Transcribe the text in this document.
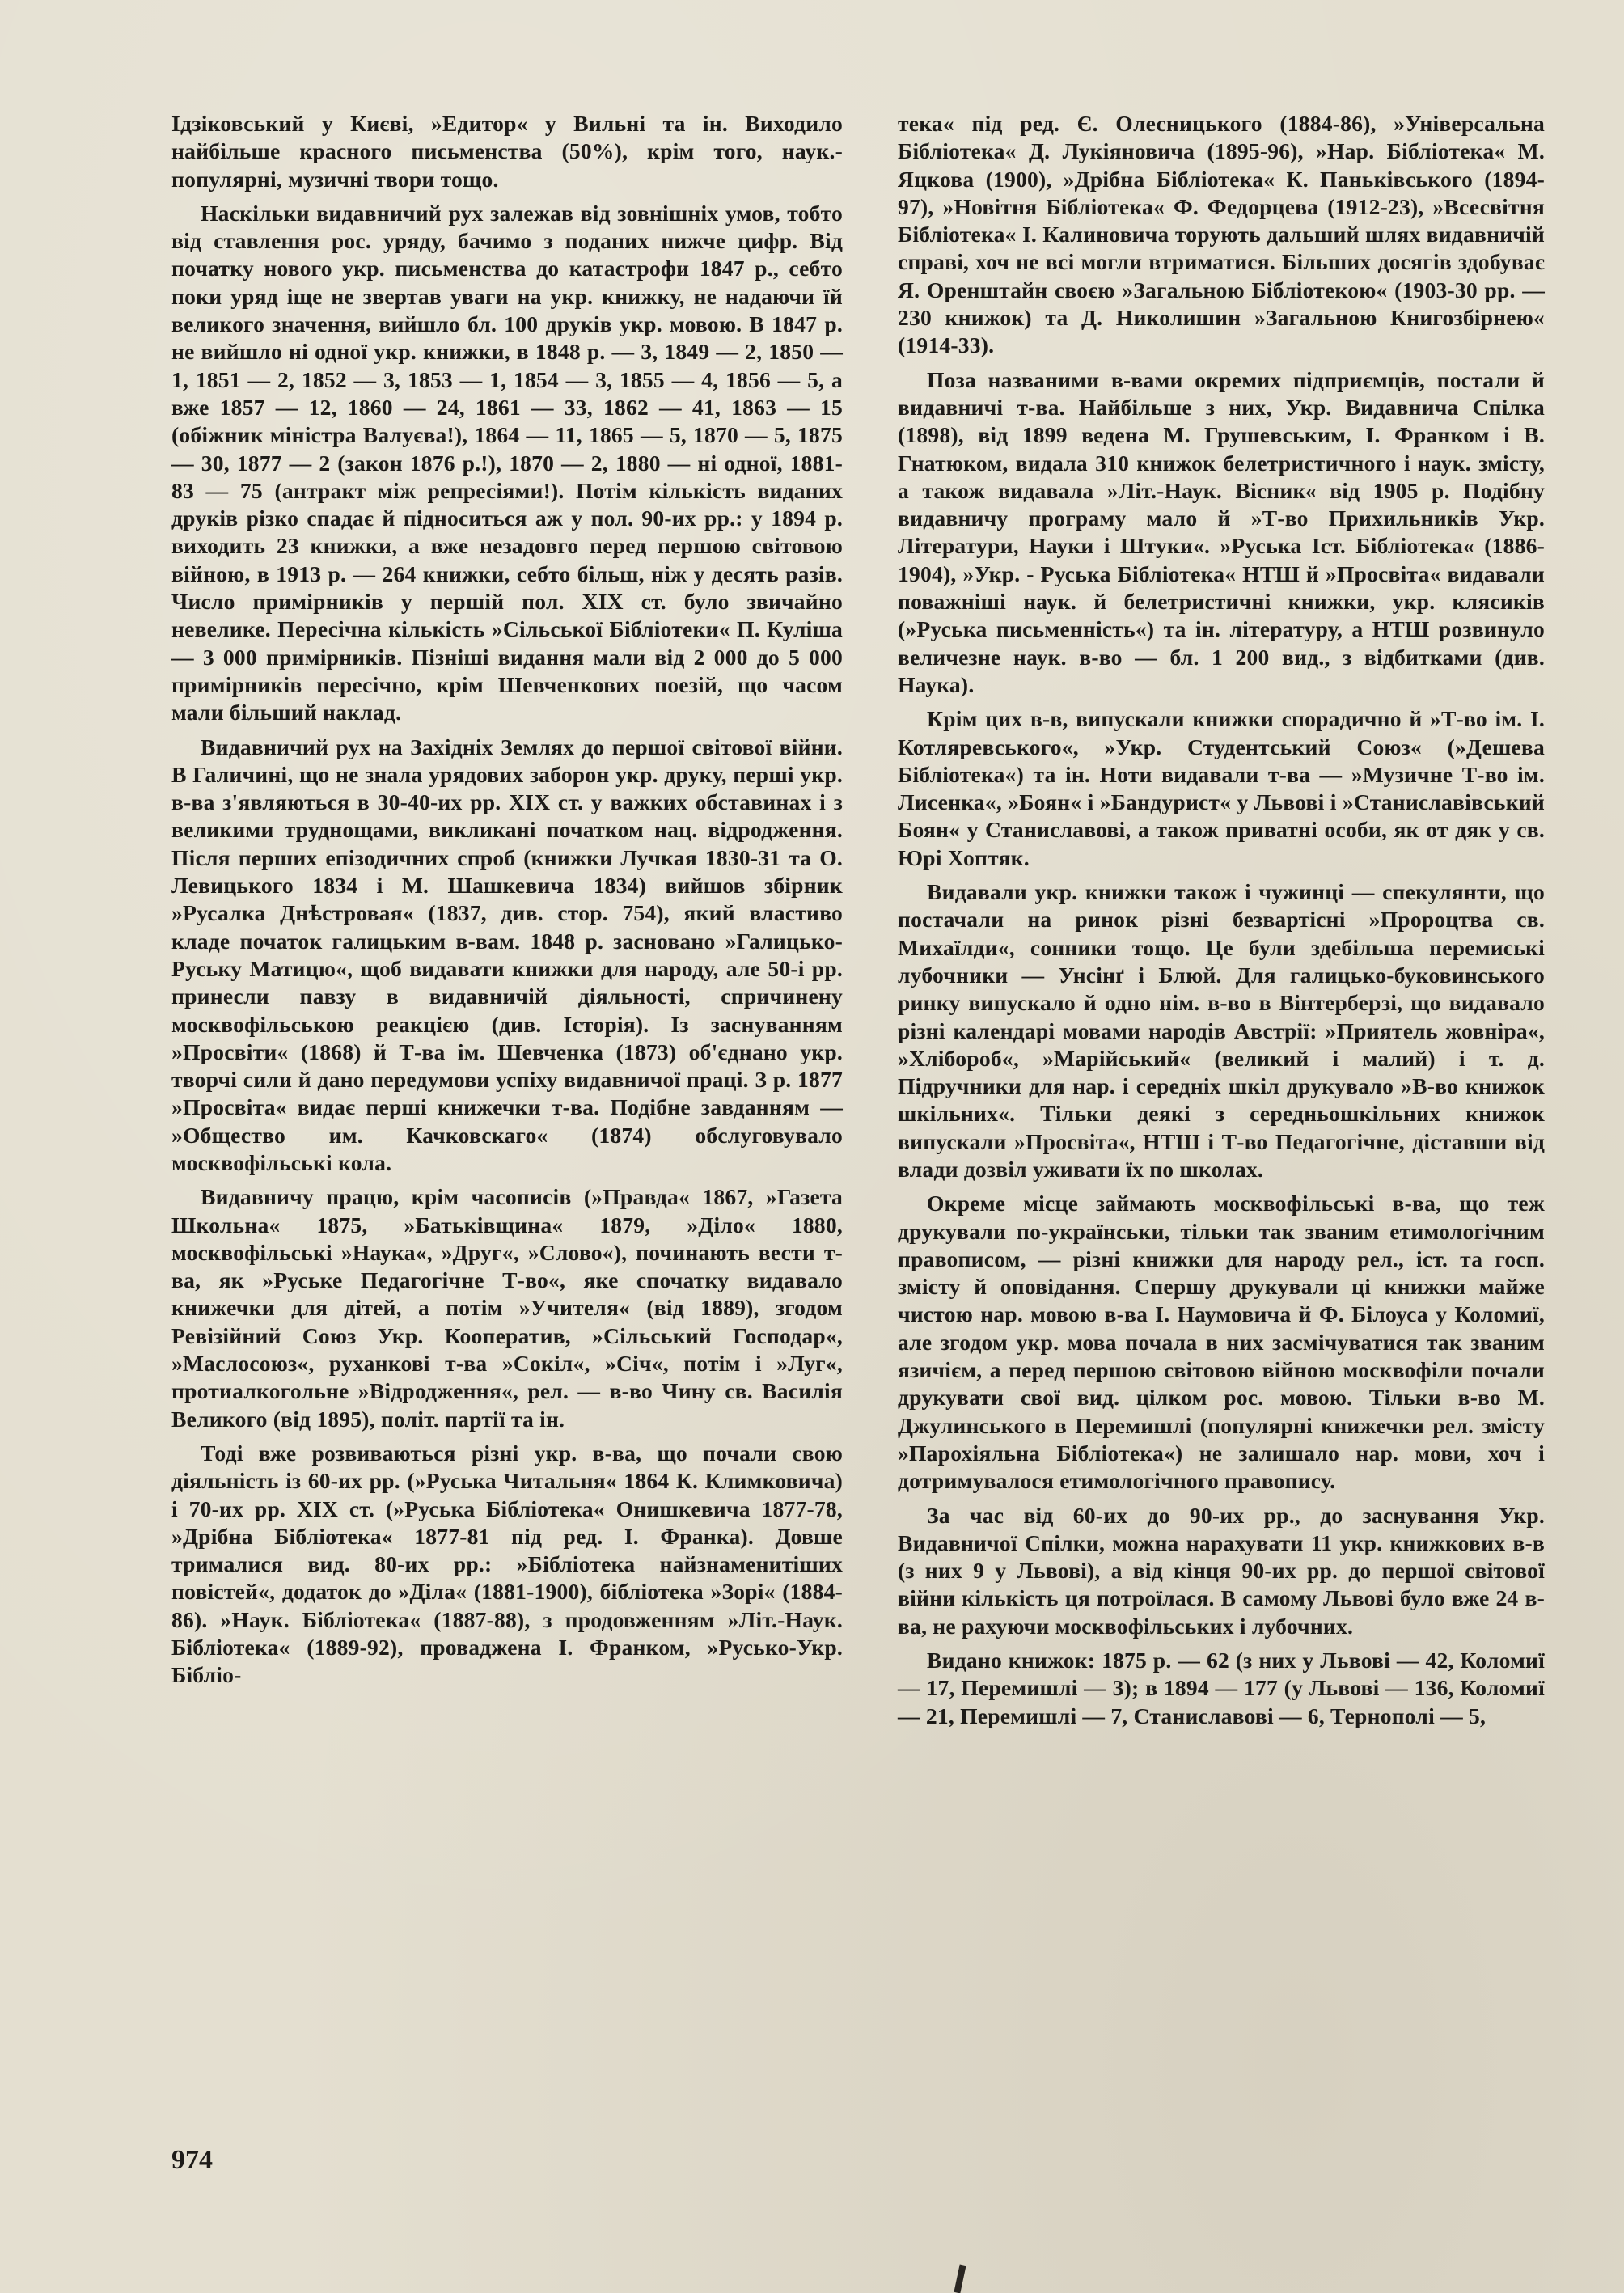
Ідзіковський у Києві, »Едитор« у Вильні та ін. Виходило найбільше красного письменства (50%), крім того, наук.-популярні, музичні твори тощо.

Наскільки видавничий рух залежав від зовнішніх умов, тобто від ставлення рос. уряду, бачимо з поданих нижче цифр. Від початку нового укр. письменства до катастрофи 1847 р., себто поки уряд іще не звертав уваги на укр. книжку, не надаючи їй великого значення, вийшло бл. 100 друків укр. мовою. В 1847 р. не вийшло ні одної укр. книжки, в 1848 р. — 3, 1849 — 2, 1850 — 1, 1851 — 2, 1852 — 3, 1853 — 1, 1854 — 3, 1855 — 4, 1856 — 5, а вже 1857 — 12, 1860 — 24, 1861 — 33, 1862 — 41, 1863 — 15 (обіжник міністра Валуєва!), 1864 — 11, 1865 — 5, 1870 — 5, 1875 — 30, 1877 — 2 (закон 1876 р.!), 1870 — 2, 1880 — ні одної, 1881-83 — 75 (антракт між репресіями!). Потім кількість виданих друків різко спадає й підноситься аж у пол. 90-их рр.: у 1894 р. виходить 23 книжки, а вже незадовго перед першою світовою війною, в 1913 р. — 264 книжки, себто більш, ніж у десять разів. Число примірників у першій пол. XIX ст. було звичайно невелике. Пересічна кількість »Сільської Бібліотеки« П. Куліша — 3 000 примірників. Пізніші видання мали від 2 000 до 5 000 примірників пересічно, крім Шевченкових поезій, що часом мали більший наклад.

Видавничий рух на Західніх Землях до першої світової війни. В Галичині, що не знала урядових заборон укр. друку, перші укр. в-ва з'являються в 30-40-их рр. XIX ст. у важких обставинах і з великими труднощами, викликані початком нац. відродження. Після перших епізодичних спроб (книжки Лучкая 1830-31 та О. Левицького 1834 і М. Шашкевича 1834) вийшов збірник »Русалка Днѣстровая« (1837, див. стор. 754), який властиво кладе початок галицьким в-вам. 1848 р. засновано »Галицько-Руську Матицю«, щоб видавати книжки для народу, але 50-і рр. принесли павзу в видавничій діяльності, спричинену москвофільською реакцією (див. Історія). Із заснуванням »Просвіти« (1868) й Т-ва ім. Шевченка (1873) об'єднано укр. творчі сили й дано передумови успіху видавничої праці. З р. 1877 »Просвіта« видає перші книжечки т-ва. Подібне завданням — »Общество им. Качковскаго« (1874) обслуговувало москвофільські кола.

Видавничу працю, крім часописів (»Правда« 1867, »Газета Школьна« 1875, »Батьківщина« 1879, »Діло« 1880, москвофільські »Наука«, »Друг«, »Слово«), починають вести т-ва, як »Руське Педагогічне Т-во«, яке спочатку видавало книжечки для дітей, а потім »Учителя« (від 1889), згодом Ревізійний Союз Укр. Кооператив, »Сільський Господар«, »Маслосоюз«, руханкові т-ва »Сокіл«, »Січ«, потім і »Луг«, протиалкогольне »Відродження«, рел. — в-во Чину св. Василія Великого (від 1895), політ. партії та ін.

Тоді вже розвиваються різні укр. в-ва, що почали свою діяльність із 60-их рр. (»Руська Читальня« 1864 К. Климковича) і 70-их рр. XIX ст. (»Руська Бібліотека« Онишкевича 1877-78, »Дрібна Бібліотека« 1877-81 під ред. І. Франка). Довше трималися вид. 80-их рр.: »Бібліотека найзнаменитіших повістей«, додаток до »Діла« (1881-1900), бібліотека »Зорі« (1884-86). »Наук. Бібліотека« (1887-88), з продовженням »Літ.-Наук. Бібліотека« (1889-92), проваджена І. Франком, »Русько-Укр. Біблio-

тека« під ред. Є. Олесницького (1884-86), »Універсальна Бібліотека« Д. Лукіяновича (1895-96), »Нар. Бібліотека« М. Яцкова (1900), »Дрібна Бібліотека« К. Паньківського (1894-97), »Новітня Бібліотека« Ф. Федорцева (1912-23), »Всесвітня Бібліотека« І. Калиновича торують дальший шлях видавничій справі, хоч не всі могли втриматися. Більших досягів здобуває Я. Оренштайн своєю »Загальною Бібліотекою« (1903-30 рр. — 230 книжок) та Д. Николишин »Загальною Книгозбірнею« (1914-33).

Поза названими в-вами окремих підприємців, постали й видавничі т-ва. Найбільше з них, Укр. Видавнича Спілка (1898), від 1899 ведена М. Грушевським, І. Франком і В. Гнатюком, видала 310 книжок белетристичного і наук. змісту, а також видавала »Літ.-Наук. Вісник« від 1905 р. Подібну видавничу програму мало й »Т-во Прихильників Укр. Літератури, Науки і Штуки«. »Руська Іст. Бібліотека« (1886-1904), »Укр. - Руська Бібліотека« НТШ й »Просвіта« видавали поважніші наук. й белетристичні книжки, укр. клясиків (»Руська письменність«) та ін. літературу, а НТШ розвинуло величезне наук. в-во — бл. 1 200 вид., з відбитками (див. Наука).

Крім цих в-в, випускали книжки спорадично й »Т-во ім. І. Котляревського«, »Укр. Студентський Союз« (»Дешева Бібліотека«) та ін. Ноти видавали т-ва — »Музичне Т-во ім. Лисенка«, »Боян« і »Бандурист« у Львові і »Станиславівський Боян« у Станиславові, а також приватні особи, як от дяк у св. Юрі Хоптяк.

Видавали укр. книжки також і чужинці — спекулянти, що постачали на ринок різні безвартісні »Пророцтва св. Михаїлди«, сонники тощо. Це були здебільша перемиські лубочники — Унсінґ і Блюй. Для галицько-буковинського ринку випускало й одно нім. в-во в Вінтерберзі, що видавало різні календарі мовами народів Австрії: »Приятель жовніра«, »Хлібороб«, »Марійський« (великий і малий) і т. д. Підручники для нар. і середніх шкіл друкувало »В-во книжок шкільних«. Тільки деякі з середньошкільних книжок випускали »Просвіта«, НТШ і Т-во Педагогічне, діставши від влади дозвіл уживати їх по школах.

Окреме місце займають москвофільські в-ва, що теж друкували по-українськи, тільки так званим етимологічним правописом, — різні книжки для народу рел., іст. та госп. змісту й оповідання. Спершу друкували ці книжки майже чистою нар. мовою в-ва І. Наумовича й Ф. Білоуса у Коломиї, але згодом укр. мова почала в них засмічуватися так званим язичієм, а перед першою світовою війною москвофіли почали друкувати свої вид. цілком рос. мовою. Тільки в-во М. Джулинського в Перемишлі (популярні книжечки рел. змісту »Парохіяльна Бібліотека«) не залишало нар. мови, хоч і дотримувалося етимологічного правопису.

За час від 60-их до 90-их рр., до заснування Укр. Видавничої Спілки, можна нарахувати 11 укр. книжкових в-в (з них 9 у Львові), а від кінця 90-их рр. до першої світової війни кількість ця потроїлася. В самому Львові було вже 24 в-ва, не рахуючи москвофільських і лубочних.

Видано книжок: 1875 р. — 62 (з них у Львові — 42, Коломиї — 17, Перемишлі — 3); в 1894 — 177 (у Львові — 136, Коломиї — 21, Перемишлі — 7, Станиславові — 6, Тернополі — 5,

974
